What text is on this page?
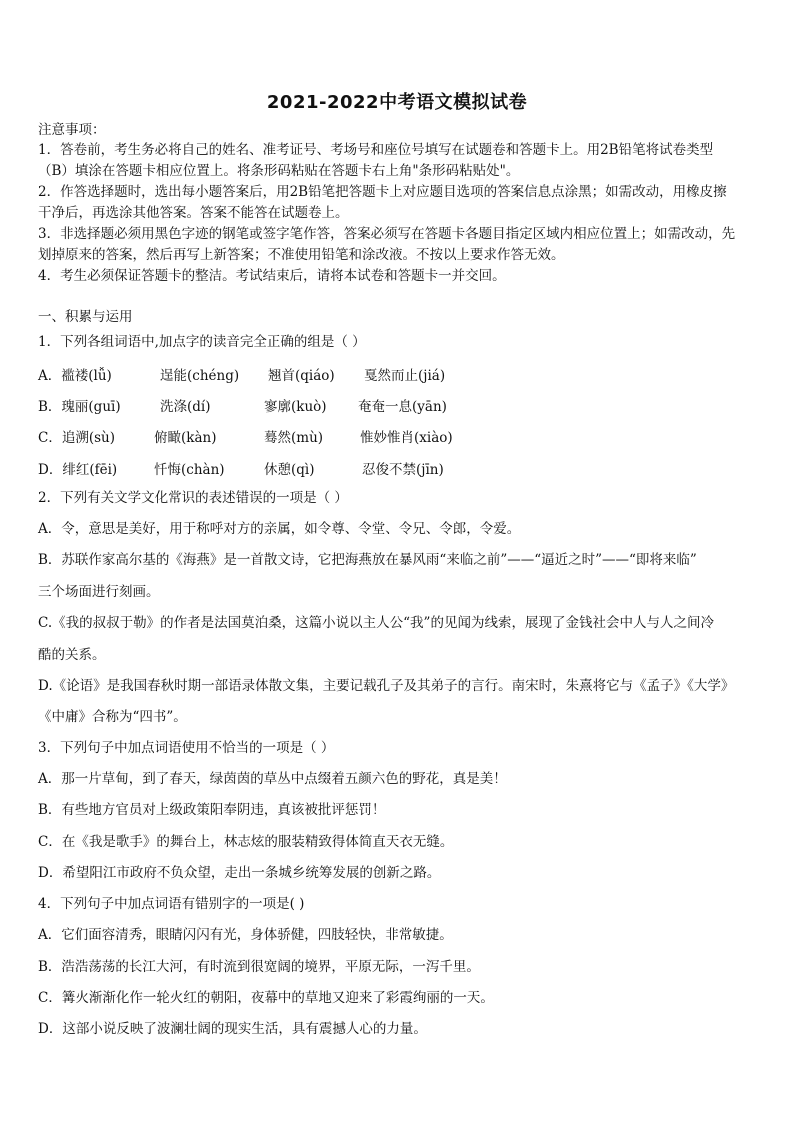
2021-2022中考语文模拟试卷
注意事项：
1．答卷前，考生务必将自己的姓名、准考证号、考场号和座位号填写在试题卷和答题卡上。用2B铅笔将试卷类型
（B）填涂在答题卡相应位置上。将条形码粘贴在答题卡右上角"条形码粘贴处"。
2．作答选择题时，选出每小题答案后，用2B铅笔把答题卡上对应题目选项的答案信息点涂黑；如需改动，用橡皮擦
干净后，再选涂其他答案。答案不能答在试题卷上。
3．非选择题必须用黑色字迹的钢笔或签字笔作答，答案必须写在答题卡各题目指定区域内相应位置上；如需改动，先
划掉原来的答案，然后再写上新答案；不准使用铅笔和涂改液。不按以上要求作答无效。
4．考生必须保证答题卡的整洁。考试结束后，请将本试卷和答题卡一并交回。
一、积累与运用
1．下列各组词语中,加点字的读音完全正确的组是（ ）
A．褴褛(lǚ)	逞能(chéng) 翘首(qiáo) 戛然而止(jiá)
B．瑰丽(guī)	洗涤(dí)	寥廓(kuò) 奄奄一息(yān)
C．追溯(sù)	俯瞰(kàn)	蓦然(mù)	惟妙惟肖(xiào)
D．绯红(fēi)	忏悔(chàn)	休憩(qì)	忍俊不禁(jīn)
2．下列有关文学文化常识的表述错误的一项是（ ）
A．令，意思是美好，用于称呼对方的亲属，如令尊、令堂、令兄、令郎，令爱。
B．苏联作家高尔基的《海燕》是一首散文诗，它把海燕放在暴风雨“来临之前”——“逼近之时”——“即将来临”
三个场面进行刻画。
C.《我的叔叔于勒》的作者是法国莫泊桑，这篇小说以主人公“我”的见闻为线索，展现了金钱社会中人与人之间冷
酷的关系。
D.《论语》是我国春秋时期一部语录体散文集，主要记载孔子及其弟子的言行。南宋时，朱熹将它与《孟子》《大学》
《中庸》合称为“四书”。
3．下列句子中加点词语使用不恰当的一项是（ ）
A．那一片草甸，到了春天，绿茵茵的草丛中点缀着五颜六色的野花，真是美！
B．有些地方官员对上级政策阳奉阴违，真该被批评惩罚！
C．在《我是歌手》的舞台上，林志炫的服装精致得体简直天衣无缝。
D．希望阳江市政府不负众望，走出一条城乡统筹发展的创新之路。
4．下列句子中加点词语有错别字的一项是( )
A．它们面容清秀，眼睛闪闪有光，身体骄健，四肢轻快，非常敏捷。
B．浩浩荡荡的长江大河，有时流到很宽阔的境界，平原无际，一泻千里。
C．篝火渐渐化作一轮火红的朝阳，夜幕中的草地又迎来了彩霞绚丽的一天。
D．这部小说反映了波澜壮阔的现实生活，具有震撼人心的力量。
